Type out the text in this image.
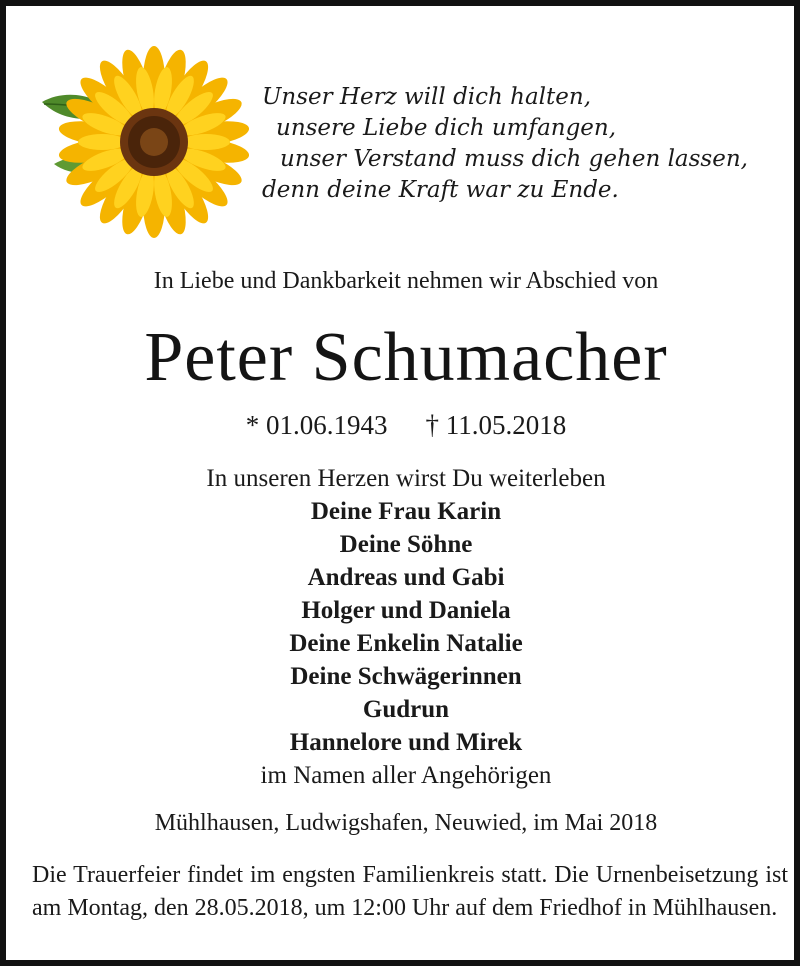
Unser Herz will dich halten,
unsere Liebe dich umfangen,
unser Verstand muss dich gehen lassen,
denn deine Kraft war zu Ende.
In Liebe und Dankbarkeit nehmen wir Abschied von
Peter Schumacher
* 01.06.1943 † 11.05.2018
In unseren Herzen wirst Du weiterleben
Deine Frau Karin
Deine Söhne
Andreas und Gabi
Holger und Daniela
Deine Enkelin Natalie
Deine Schwägerinnen
Gudrun
Hannelore und Mirek
im Namen aller Angehörigen
Mühlhausen, Ludwigshafen, Neuwied, im Mai 2018
Die Trauerfeier findet im engsten Familienkreis statt. Die Urnenbeisetzung ist am Montag, den 28.05.2018, um 12:00 Uhr auf dem Friedhof in Mühlhausen.
